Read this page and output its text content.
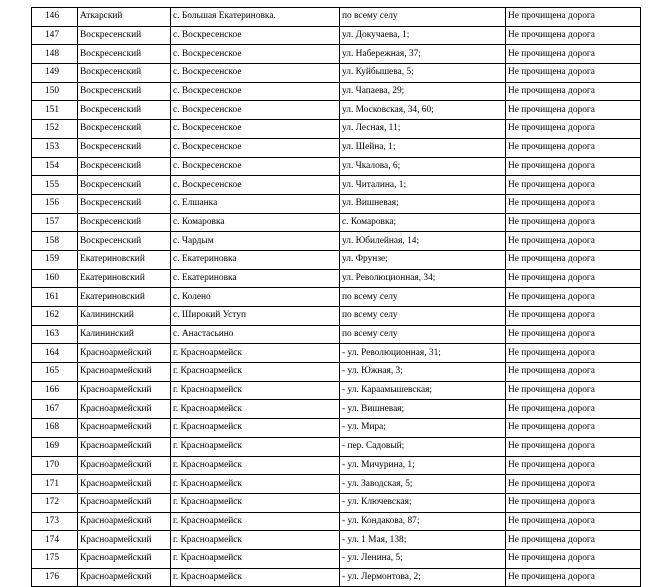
146	Аткарский	с. Большая Екатериновка.	по всему селу	Не прочищена дорога

147	Воскресенский	с. Воскресенское	ул. Докучаева, 1;	Не прочищена дорога

148	Воскресенский	с. Воскресенское	ул. Набережная, 37;	Не прочищена дорога

149	Воскресенский	с. Воскресенское	ул. Куйбышева, 5;	Не прочищена дорога

150	Воскресенский	с. Воскресенское	ул. Чапаева, 29;	Не прочищена дорога

151	Воскресенский	с. Воскресенское	ул. Московская, 34, 60;	Не прочищена дорога

152	Воскресенский	с. Воскресенское	ул. Лесная, 11;	Не прочищена дорога

153	Воскресенский	с. Воскресенское	ул. Шейна, 1;	Не прочищена дорога

154	Воскресенский	с. Воскресенское	ул. Чкалова, 6;	Не прочищена дорога

155	Воскресенский	с. Воскресенское	ул. Читалина, 1;	Не прочищена дорога

156	Воскресенский	с. Елшанка	ул. Вишневая;	Не прочищена дорога

157	Воскресенский	с. Комаровка	с. Комаровка;	Не прочищена дорога

158	Воскресенский	с. Чардым	ул. Юбилейная, 14;	Не прочищена дорога

159	Екатериновский	с. Екатериновка	ул. Фрунзе;	Не прочищена дорога

160	Екатериновский	с. Екатериновка	ул. Революционная, 34;	Не прочищена дорога

161	Екатериновский	с. Колено	по всему селу	Не прочищена дорога

162	Калининский	с. Широкий Уступ	по всему селу	Не прочищена дорога

163	Калининский	с. Анастасьино	по всему селу	Не прочищена дорога

164	Красноармейский	г. Красноармейск	- ул. Революционная, 31;	Не прочищена дорога

165	Красноармейский	г. Красноармейск	- ул. Южная, 3;	Не прочищена дорога

166	Красноармейский	г. Красноармейск	- ул. Караамышевская;	Не прочищена дорога

167	Красноармейский	г. Красноармейск	- ул. Вишневая;	Не прочищена дорога

168	Красноармейский	г. Красноармейск	- ул. Мира;	Не прочищена дорога

169	Красноармейский	г. Красноармейск	- пер. Садовый;	Не прочищена дорога

170	Красноармейский	г. Красноармейск	- ул. Мичурина, 1;	Не прочищена дорога

171	Красноармейский	г. Красноармейск	- ул. Заводская, 5;	Не прочищена дорога

172	Красноармейский	г. Красноармейск	- ул. Ключевская;	Не прочищена дорога

173	Красноармейский	г. Красноармейск	- ул. Кондакова, 87;	Не прочищена дорога

174	Красноармейский	г. Красноармейск	- ул. 1 Мая, 138;	Не прочищена дорога

175	Красноармейский	г. Красноармейск	- ул. Ленина, 5;	Не прочищена дорога

176	Красноармейский	г. Красноармейск	- ул. Лермонтова, 2;	Не прочищена дорога
